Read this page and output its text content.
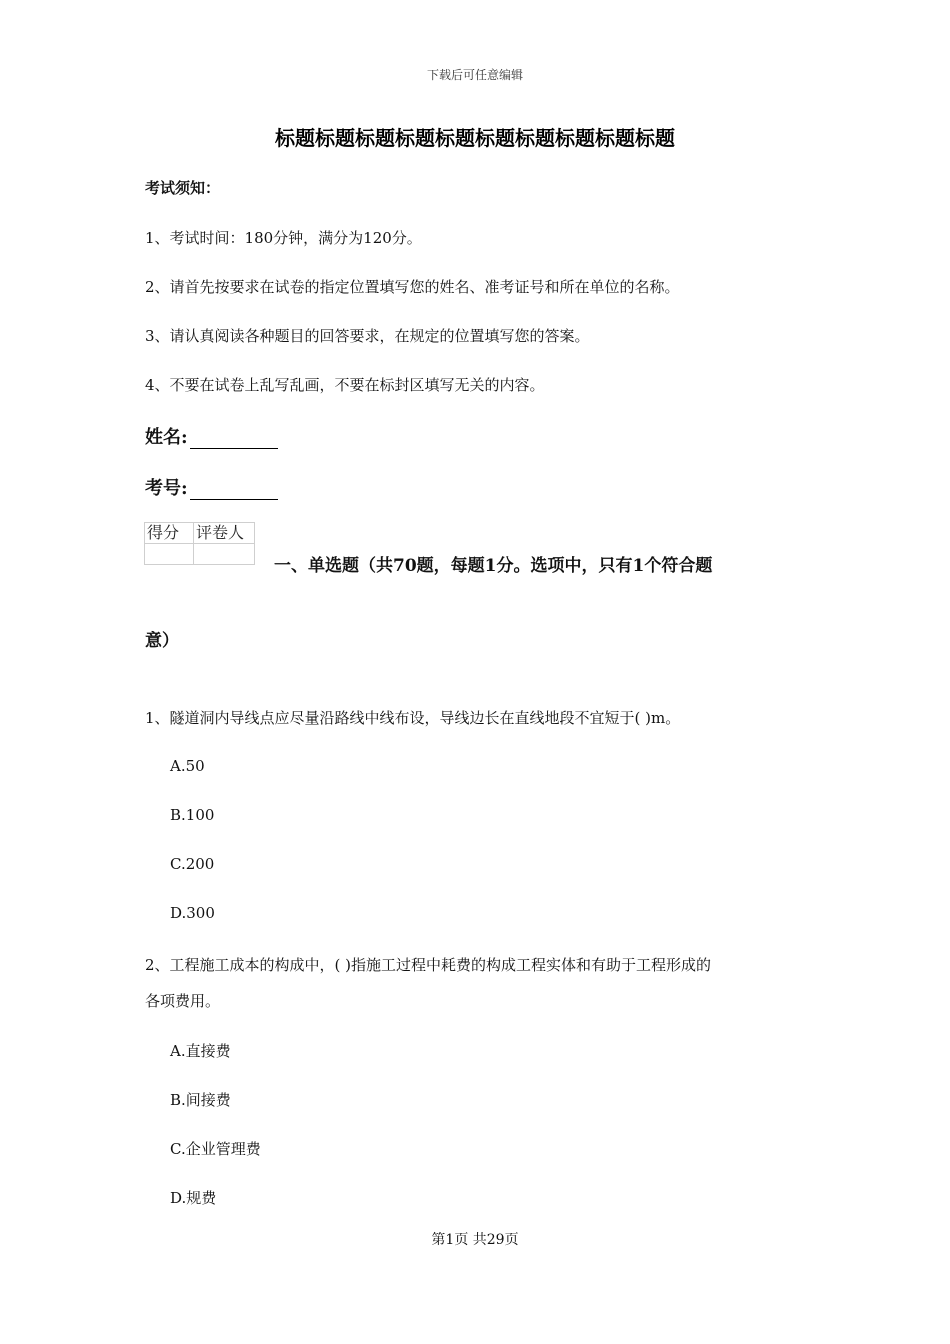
下载后可任意编辑
标题标题标题标题标题标题标题标题标题标题
考试须知：
1、考试时间：180分钟，满分为120分。
2、请首先按要求在试卷的指定位置填写您的姓名、准考证号和所在单位的名称。
3、请认真阅读各种题目的回答要求，在规定的位置填写您的答案。
4、不要在试卷上乱写乱画，不要在标封区填写无关的内容。
姓名:
考号:
得分	评卷人

一、单选题（共70题，每题1分。选项中，只有1个符合题
意）
1、隧道洞内导线点应尽量沿路线中线布设，导线边长在直线地段不宜短于( )m。
A.50
B.100
C.200
D.300
2、工程施工成本的构成中，( )指施工过程中耗费的构成工程实体和有助于工程形成的
各项费用。
A.直接费
B.间接费
C.企业管理费
D.规费
第1页 共29页
